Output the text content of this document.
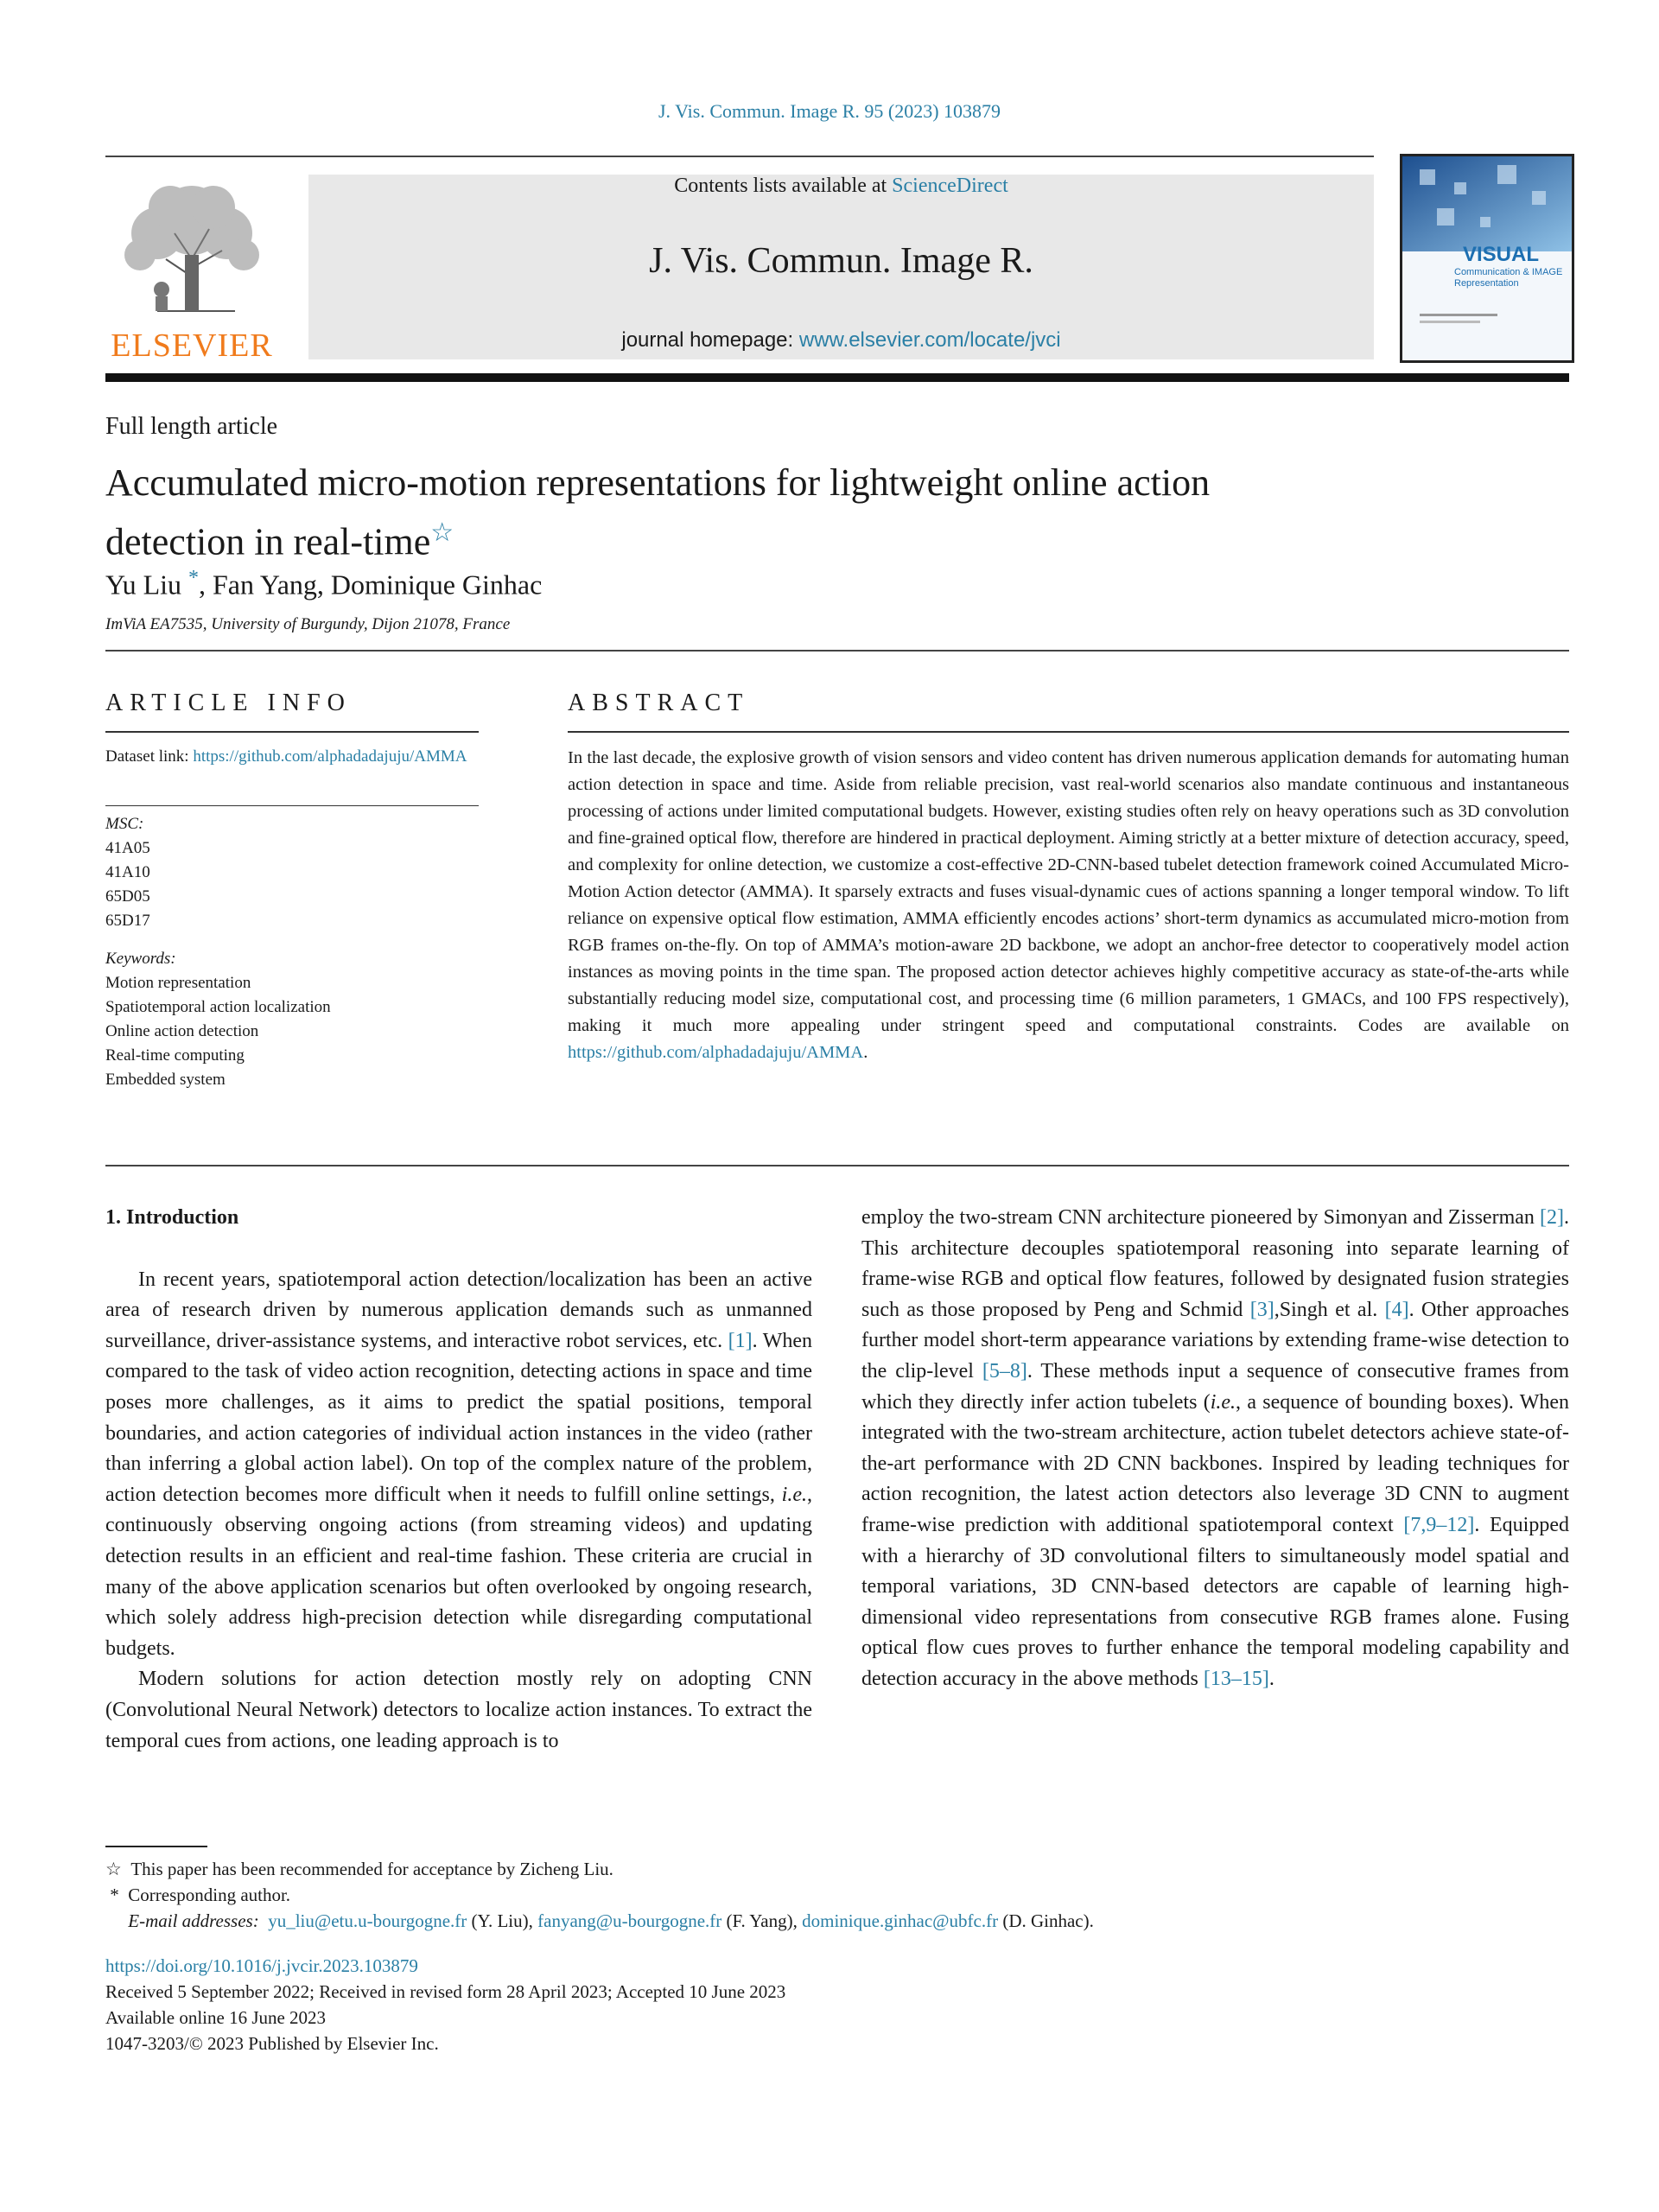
J. Vis. Commun. Image R. 95 (2023) 103879
ELSEVIER
Contents lists available at ScienceDirect
J. Vis. Commun. Image R.
journal homepage: www.elsevier.com/locate/jvci
VISUAL
Communication & IMAGE Representation
Full length article
Accumulated micro-motion representations for lightweight online action
detection in real-time☆
Yu Liu *, Fan Yang, Dominique Ginhac
ImViA EA7535, University of Burgundy, Dijon 21078, France
ARTICLE INFO	ABSTRACT
Dataset link: https://github.com/alphadadajuju/AMMA
MSC:
41A05
41A10
65D05
65D17
Keywords:
Motion representation
Spatiotemporal action localization
Online action detection
Real-time computing
Embedded system
In the last decade, the explosive growth of vision sensors and video content has driven numerous application demands for automating human action detection in space and time. Aside from reliable precision, vast real-world scenarios also mandate continuous and instantaneous processing of actions under limited computational budgets. However, existing studies often rely on heavy operations such as 3D convolution and fine-grained optical flow, therefore are hindered in practical deployment. Aiming strictly at a better mixture of detection accuracy, speed, and complexity for online detection, we customize a cost-effective 2D-CNN-based tubelet detection framework coined Accumulated Micro-Motion Action detector (AMMA). It sparsely extracts and fuses visual-dynamic cues of actions spanning a longer temporal window. To lift reliance on expensive optical flow estimation, AMMA efficiently encodes actions’ short-term dynamics as accumulated micro-motion from RGB frames on-the-fly. On top of AMMA’s motion-aware 2D backbone, we adopt an anchor-free detector to cooperatively model action instances as moving points in the time span. The proposed action detector achieves highly competitive accuracy as state-of-the-arts while substantially reducing model size, computational cost, and processing time (6 million parameters, 1 GMACs, and 100 FPS respectively), making it much more appealing under stringent speed and computational constraints. Codes are available on https://github.com/alphadadajuju/AMMA.
1. Introduction

In recent years, spatiotemporal action detection/localization has been an active area of research driven by numerous application demands such as unmanned surveillance, driver-assistance systems, and interactive robot services, etc. [1]. When compared to the task of video action recognition, detecting actions in space and time poses more challenges, as it aims to predict the spatial positions, temporal boundaries, and action categories of individual action instances in the video (rather than inferring a global action label). On top of the complex nature of the problem, action detection becomes more difficult when it needs to fulfill online settings, i.e., continuously observing ongoing actions (from streaming videos) and updating detection results in an efficient and real-time fashion. These criteria are crucial in many of the above application scenarios but often overlooked by ongoing research, which solely address high-precision detection while disregarding computational budgets.

Modern solutions for action detection mostly rely on adopting CNN (Convolutional Neural Network) detectors to localize action instances. To extract the temporal cues from actions, one leading approach is to

employ the two-stream CNN architecture pioneered by Simonyan and Zisserman [2]. This architecture decouples spatiotemporal reasoning into separate learning of frame-wise RGB and optical flow features, followed by designated fusion strategies such as those proposed by Peng and Schmid [3],Singh et al. [4]. Other approaches further model short-term appearance variations by extending frame-wise detection to the clip-level [5–8]. These methods input a sequence of consecutive frames from which they directly infer action tubelets (i.e., a sequence of bounding boxes). When integrated with the two-stream architecture, action tubelet detectors achieve state-of-the-art performance with 2D CNN backbones. Inspired by leading techniques for action recognition, the latest action detectors also leverage 3D CNN to augment frame-wise prediction with additional spatiotemporal context [7,9–12]. Equipped with a hierarchy of 3D convolutional filters to simultaneously model spatial and temporal variations, 3D CNN-based detectors are capable of learning high-dimensional video representations from consecutive RGB frames alone. Fusing optical flow cues proves to further enhance the temporal modeling capability and detection accuracy in the above methods [13–15].

☆ This paper has been recommended for acceptance by Zicheng Liu.
* Corresponding author.
E-mail addresses: yu_liu@etu.u-bourgogne.fr (Y. Liu), fanyang@u-bourgogne.fr (F. Yang), dominique.ginhac@ubfc.fr (D. Ginhac).
https://doi.org/10.1016/j.jvcir.2023.103879
Received 5 September 2022; Received in revised form 28 April 2023; Accepted 10 June 2023
Available online 16 June 2023
1047-3203/© 2023 Published by Elsevier Inc.
